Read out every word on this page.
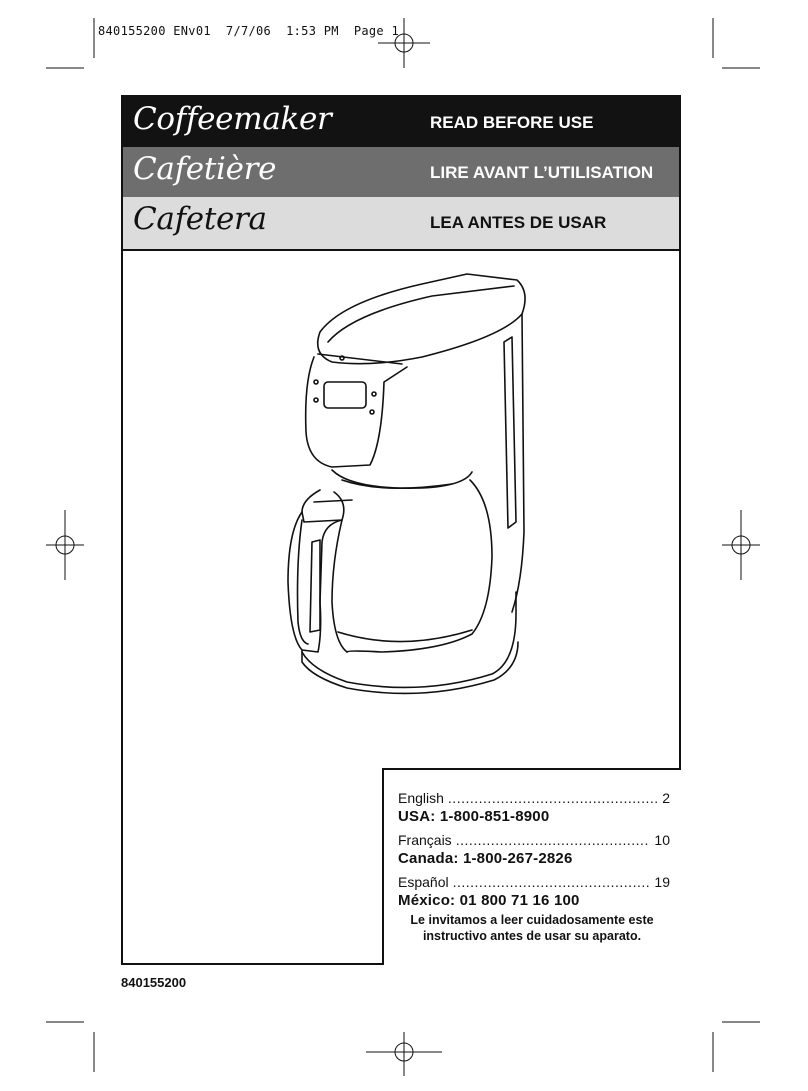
840155200 ENv01  7/7/06  1:53 PM  Page 1
Coffeemaker	READ BEFORE USE
Cafetière	LIRE AVANT L’UTILISATION
Cafetera	LEA ANTES DE USAR
English .....	2
USA: 1-800-851-8900
Français .....	10
Canada: 1-800-267-2826
Español .....	19
México: 01 800 71 16 100
Le invitamos a leer cuidadosamente este
instructivo antes de usar su aparato.
840155200
